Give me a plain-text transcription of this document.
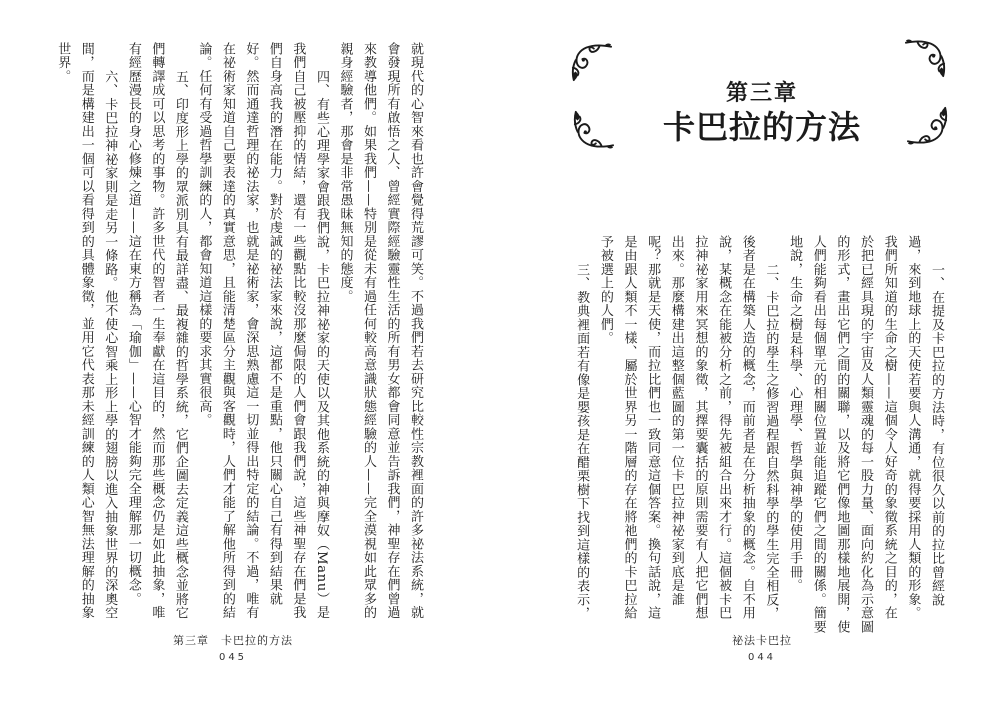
就現代的心智來看也許會覺得荒謬可笑。不過我們若去研究比較性宗教裡面的許多祕法系統，就
會發現所有啟悟之人、曾經實際經驗靈性生活的所有男女都會同意並告訴我們，神聖存在們曾過
來教導他們。如果我們——特別是從未有過任何較高意識狀態經驗的人——完全漠視如此眾多的
親身經驗者，那會是非常愚昧無知的態度。
四、有些心理學家會跟我們說，卡巴拉神祕家的天使以及其他系統的神與摩奴（Manu）是
我們自己被壓抑的情結，還有一些觀點比較沒那麼侷限的人們會跟我們說，這些神聖存在們是我
們自身高我的潛在能力。對於虔誠的祕法家來說，這都不是重點，他只關心自己有得到結果就
好。然而通達哲理的祕法家，也就是祕術家，會深思熟慮這一切並得出特定的結論。不過，唯有
在祕術家知道自己要表達的真實意思，且能清楚區分主觀與客觀時，人們才能了解他所得到的結
論。任何有受過哲學訓練的人，都會知道這樣的要求其實很高。
五、印度形上學的眾派別具有最詳盡、最複雜的哲學系統，它們企圖去定義這些概念並將它
們轉譯成可以思考的事物。許多世代的智者一生奉獻在這目的，然而那些概念仍是如此抽象，唯
有經歷漫長的身心修煉之道——這在東方稱為「瑜伽」——心智才能夠完全理解那一切概念。
六、卡巴拉神祕家則是走另一條路。他不使心智乘上形上學的翅膀以進入抽象世界的深奧空
間，而是構建出一個可以看得到的具體象徵，並用它代表那未經訓練的人類心智無法理解的抽象
世界。
第三章　卡巴拉的方法
045
第三章
卡巴拉的方法
一、在提及卡巴拉的方法時，有位很久以前的拉比曾經說
過，來到地球上的天使若要與人溝通，就得要採用人類的形象。
我們所知道的生命之樹——這個令人好奇的象徵系統之目的，在
於把已經具現的宇宙及人類靈魂的每一股力量、面向約化為示意圖
的形式，畫出它們之間的關聯，以及將它們像地圖那樣地展開，使
人們能夠看出每個單元的相關位置並能追蹤它們之間的關係。簡要
地說，生命之樹是科學、心理學、哲學與神學的使用手冊。
二、卡巴拉的學生之修習過程跟自然科學的學生完全相反，
後者是在構築人造的概念，而前者是在分析抽象的概念。自不用
說，某概念在能被分析之前，得先被組合出來才行。這個被卡巴
拉神祕家用來冥想的象徵，其擇要囊括的原則需要有人把它們想
出來。那麼構建出這整個藍圖的第一位卡巴拉神祕家到底是誰
呢？那就是天使，而拉比們也一致同意這個答案。換句話說，這
是由跟人類不一樣、屬於世界另一階層的存在將祂們的卡巴拉給
予被選上的人們。
三、教典裡面若有像是嬰孩是在醋栗樹下找到這樣的表示，
祕法卡巴拉
044
